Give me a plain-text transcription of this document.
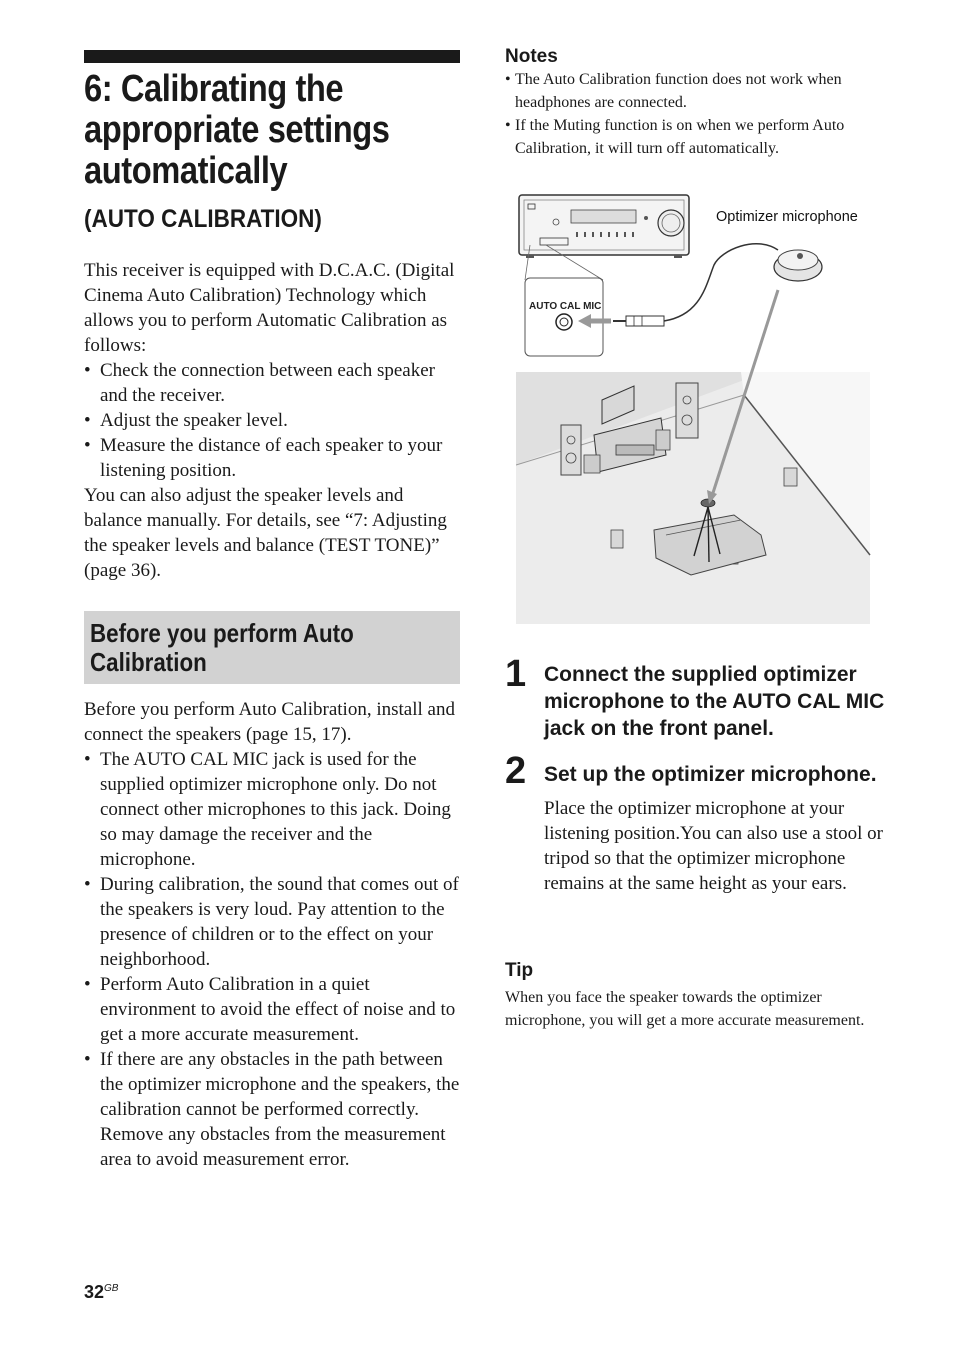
6: Calibrating the appropriate settings automatically
(AUTO CALIBRATION)
This receiver is equipped with D.C.A.C. (Digital Cinema Auto Calibration) Technology which allows you to perform Automatic Calibration as follows:
• Check the connection between each speaker and the receiver.
• Adjust the speaker level.
• Measure the distance of each speaker to your listening position.
You can also adjust the speaker levels and balance manually. For details, see “7: Adjusting the speaker levels and balance (TEST TONE)” (page 36).
Before you perform Auto Calibration
Before you perform Auto Calibration, install and connect the speakers (page 15, 17).
• The AUTO CAL MIC jack is used for the supplied optimizer microphone only. Do not connect other microphones to this jack. Doing so may damage the receiver and the microphone.
• During calibration, the sound that comes out of the speakers is very loud. Pay attention to the presence of children or to the effect on your neighborhood.
• Perform Auto Calibration in a quiet environment to avoid the effect of noise and to get a more accurate measurement.
• If there are any obstacles in the path between the optimizer microphone and the speakers, the calibration cannot be performed correctly. Remove any obstacles from the measurement area to avoid measurement error.
Notes
• The Auto Calibration function does not work when headphones are connected.
• If the Muting function is on when we perform Auto Calibration, it will turn off automatically.
AUTO CAL MIC
Optimizer microphone
1 Connect the supplied optimizer microphone to the AUTO CAL MIC jack on the front panel.
2 Set up the optimizer microphone.
Place the optimizer microphone at your listening position.You can also use a stool or tripod so that the optimizer microphone remains at the same height as your ears.
Tip
When you face the speaker towards the optimizer microphone, you will get a more accurate measurement.
$32^{GB}$
